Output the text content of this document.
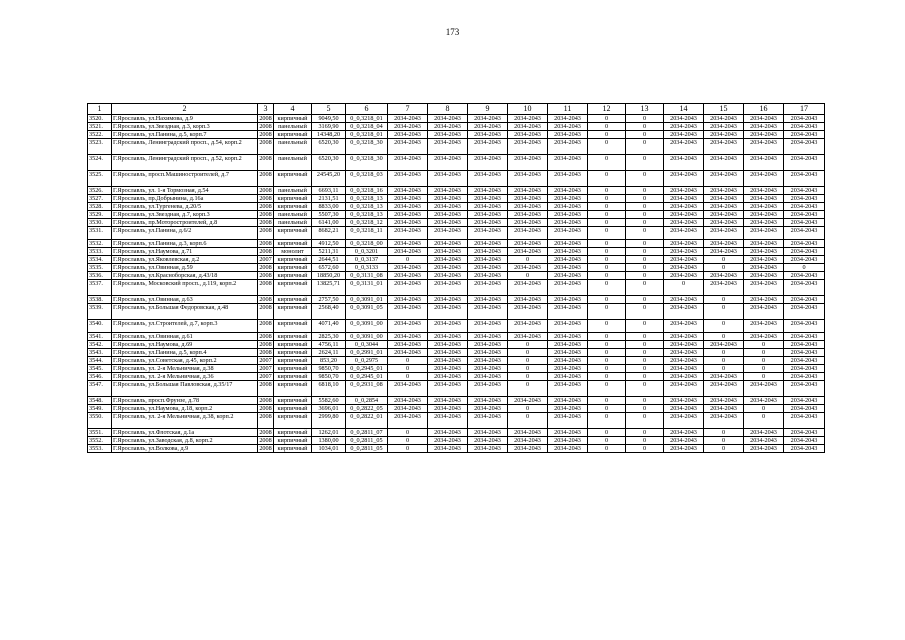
173
1	2	3	4	5	6	7	8	9	10	11	12	13	14	15	16	17
3520.	Г.Ярославль, ул.Нахимова, д.9	2008	кирпичный	9049,50	0_0,3218_01	2034-2043	2034-2043	2034-2043	2034-2043	2034-2043	0	0	2034-2043	2034-2043	2034-2043	2034-2043
3521.	Г.Ярославль, ул.Звездная, д.3, корп.3	2008	панельный	3169,90	0_0,3218_04	2034-2043	2034-2043	2034-2043	2034-2043	2034-2043	0	0	2034-2043	2034-2043	2034-2043	2034-2043
3522.	Г.Ярославль, ул.Панина, д.5, корп.7	2008	кирпичный	14348,20	0_0,3218_01	2034-2043	2034-2043	2034-2043	2034-2043	2034-2043	0	0	2034-2043	2034-2043	2034-2043	2034-2043
3523.	Г.Ярославль, Ленинградский просп., д.54, корп.2	2008	панельный	6520,30	0_0,3218_30	2034-2043	2034-2043	2034-2043	2034-2043	2034-2043	0	0	2034-2043	2034-2043	2034-2043	2034-2043
3524.	Г.Ярославль, Ленинградский просп., д.52, корп.2	2008	панельный	6520,30	0_0,3218_30	2034-2043	2034-2043	2034-2043	2034-2043	2034-2043	0	0	2034-2043	2034-2043	2034-2043	2034-2043
3525.	Г.Ярославль, просп.Машиностроителей, д.7	2008	кирпичный	24545,20	0_0,3218_03	2034-2043	2034-2043	2034-2043	2034-2043	2034-2043	0	0	2034-2043	2034-2043	2034-2043	2034-2043
3526.	Г.Ярославль, ул. 1-я Тормозная, д.54	2008	панельный	6693,11	0_0,3218_16	2034-2043	2034-2043	2034-2043	2034-2043	2034-2043	0	0	2034-2043	2034-2043	2034-2043	2034-2043
3527.	Г.Ярославль, пр.Добрынина, д.16а	2008	кирпичный	2131,51	0_0,3218_13	2034-2043	2034-2043	2034-2043	2034-2043	2034-2043	0	0	2034-2043	2034-2043	2034-2043	2034-2043
3528.	Г.Ярославль, ул.Тургенева, д.20/5	2008	кирпичный	8833,00	0_0,3218_13	2034-2043	2034-2043	2034-2043	2034-2043	2034-2043	0	0	2034-2043	2034-2043	2034-2043	2034-2043
3529.	Г.Ярославль, ул.Звездная, д.7, корп.3	2008	панельный	5507,30	0_0,3218_13	2034-2043	2034-2043	2034-2043	2034-2043	2034-2043	0	0	2034-2043	2034-2043	2034-2043	2034-2043
3530.	Г.Ярославль, пр.Моторостроителей, д.8	2008	панельный	6141,00	0_0,3218_12	2034-2043	2034-2043	2034-2043	2034-2043	2034-2043	0	0	2034-2043	2034-2043	2034-2043	2034-2043
3531.	Г.Ярославль, ул.Панина, д.6/2	2008	кирпичный	8682,21	0_0,3218_11	2034-2043	2034-2043	2034-2043	2034-2043	2034-2043	0	0	2034-2043	2034-2043	2034-2043	2034-2043
3532.	Г.Ярославль, ул.Панина, д.3, корп.6	2008	кирпичный	4912,50	0_0,3218_00	2034-2043	2034-2043	2034-2043	2034-2043	2034-2043	0	0	2034-2043	2034-2043	2034-2043	2034-2043
3533.	Г.Ярославль, ул.Наумова, д.71	2008	монолит	5211,31	0_0,3201	2034-2043	2034-2043	2034-2043	2034-2043	2034-2043	0	0	2034-2043	2034-2043	2034-2043	2034-2043
3534.	Г.Ярославль, ул.Яковлевская, д.2	2007	кирпичный	2644,51	0_0,3137	0	2034-2043	2034-2043	0	2034-2043	0	0	2034-2043	0	2034-2043	2034-2043
3535.	Г.Ярославль, ул.Овинная, д.59	2008	кирпичный	6572,60	0_0,3133	2034-2043	2034-2043	2034-2043	2034-2043	2034-2043	0	0	2034-2043	0	2034-2043	0
3536.	Г.Ярославль, ул.Красноборская, д.43/18	2008	кирпичный	18850,20	0_0,3131_08	2034-2043	2034-2043	2034-2043	0	2034-2043	0	0	2034-2043	2034-2043	2034-2043	2034-2043
3537.	Г.Ярославль, Московский просп., д.119, корп.2	2008	кирпичный	13825,71	0_0,3131_01	2034-2043	2034-2043	2034-2043	2034-2043	2034-2043	0	0	0	2034-2043	2034-2043	2034-2043
3538.	Г.Ярославль, ул.Овинная, д.63	2008	кирпичный	2757,50	0_0,3091_01	2034-2043	2034-2043	2034-2043	2034-2043	2034-2043	0	0	2034-2043	0	2034-2043	2034-2043
3539.	Г.Ярославль, ул.Большая Федоровская, д.48	2008	кирпичный	2568,40	0_0,3091_05	2034-2043	2034-2043	2034-2043	2034-2043	2034-2043	0	0	2034-2043	0	2034-2043	2034-2043
3540.	Г.Ярославль, ул.Строителей, д.7, корп.3	2008	кирпичный	4071,40	0_0,3091_00	2034-2043	2034-2043	2034-2043	2034-2043	2034-2043	0	0	2034-2043	0	2034-2043	2034-2043
3541.	Г.Ярославль, ул.Овинная, д.61	2008	кирпичный	2825,30	0_0,3091_00	2034-2043	2034-2043	2034-2043	2034-2043	2034-2043	0	0	2034-2043	0	2034-2043	2034-2043
3542.	Г.Ярославль, ул.Наумова, д.69	2008	кирпичный	4756,11	0_0,3044	2034-2043	2034-2043	2034-2043	0	2034-2043	0	0	2034-2043	2034-2043	0	2034-2043
3543.	Г.Ярославль, ул.Панина, д.5, корп.4	2008	кирпичный	2624,11	0_0,2991_01	2034-2043	2034-2043	2034-2043	0	2034-2043	0	0	2034-2043	0	0	2034-2043
3544.	Г.Ярославль, ул.Советская, д.45, корп.2	2007	кирпичный	853,20	0_0,2975	0	2034-2043	2034-2043	0	2034-2043	0	0	2034-2043	0	0	2034-2043
3545.	Г.Ярославль, ул. 2-я Мельничная, д.38	2007	кирпичный	9850,70	0_0,2945_01	0	2034-2043	2034-2043	0	2034-2043	0	0	2034-2043	0	0	2034-2043
3546.	Г.Ярославль, ул. 2-я Мельничная, д.36	2007	кирпичный	9850,70	0_0,2945_01	0	2034-2043	2034-2043	0	2034-2043	0	0	2034-2043	2034-2043	0	2034-2043
3547.	Г.Ярославль, ул.Большая Павловская, д.35/17	2008	кирпичный	6818,10	0_0,2931_08	2034-2043	2034-2043	2034-2043	0	2034-2043	0	0	2034-2043	2034-2043	2034-2043	2034-2043
3548.	Г.Ярославль, просп.Фрунзе, д.78	2008	кирпичный	5582,60	0_0,2854	2034-2043	2034-2043	2034-2043	2034-2043	2034-2043	0	0	2034-2043	2034-2043	2034-2043	2034-2043
3549.	Г.Ярославль, ул.Наумова, д.18, корп.2	2008	кирпичный	3696,01	0_0,2822_05	2034-2043	2034-2043	2034-2043	0	2034-2043	0	0	2034-2043	2034-2043	0	2034-2043
3550.	Г.Ярославль, ул. 2-я Мельничная, д.38, корп.2	2008	кирпичный	2999,80	0_0,2822_01	2034-2043	2034-2043	2034-2043	0	2034-2043	0	0	2034-2043	2034-2043	0	2034-2043
3551.	Г.Ярославль, ул.Флотская, д.1а	2008	кирпичный	1262,01	0_0,2811_07	0	2034-2043	2034-2043	2034-2043	2034-2043	0	0	2034-2043	0	2034-2043	2034-2043
3552.	Г.Ярославль, ул.Заводская, д.8, корп.2	2008	кирпичный	1380,00	0_0,2811_05	0	2034-2043	2034-2043	2034-2043	2034-2043	0	0	2034-2043	0	2034-2043	2034-2043
3553.	Г.Ярославль, ул.Волкова, д.9	2008	кирпичный	1034,01	0_0,2811_05	0	2034-2043	2034-2043	2034-2043	2034-2043	0	0	2034-2043	0	2034-2043	2034-2043
